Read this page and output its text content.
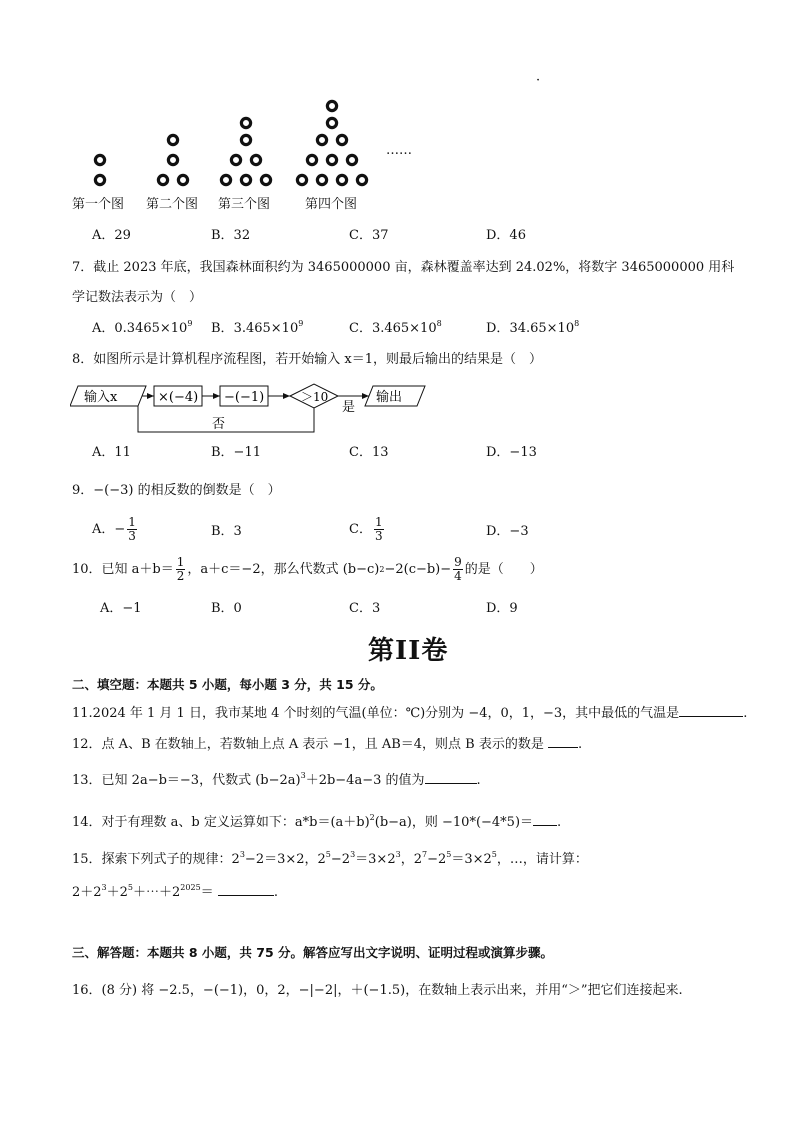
·
……
第一个图 第二个图 第三个图	第四个图
A．29	B．32	C．37	D．46
7．截止 2023 年底，我国森林面积约为 3465000000 亩，森林覆盖率达到 24.02%，将数字 3465000000 用科
学记数法表示为（　）
A．$0.3465\times 10^9$ B．$3.465\times 10^9$	C．$3.465\times 10^8$	D．$34.65\times 10^8$
8．如图所示是计算机程序流程图，若开始输入 x＝1，则最后输出的结果是（　）
输入x	×(−4) −(−1)	＞10
是
输出
否
A．11	B．−11	C．13	D．−13
9．−(−3) 的相反数的倒数是（　）
A．− $\frac{1}{3}$	B．3	C． $\frac{1}{3}$	D．−3
10．已知 $a+b= \frac{1}{2}$ ，a＋c＝−2，那么代数式 (b−c) $2 -2(c-b)- \frac{9}{4}$ 的是（　　）
A．−1	B．0	C．3	D．9
第II卷
二、填空题：本题共 5 小题，每小题 3 分，共 15 分。
11.2024 年 1 月 1 日，我市某地 4 个时刻的气温(单位：℃)分别为 −4，0，1，−3，其中最低的气温是	.
12．点 A、B 在数轴上，若数轴上点 A 表示 −1，且 AB＝4，则点 B 表示的数是	.
13．已知 2a−b＝−3，代数式 $(b-2a)^3+2b-4a-3$ 的值为	.
14．对于有理数 a、b 定义运算如下：$a*b=(a+b)^2(b-a)$，则 −10*(−4*5)＝ .
15．探索下列式子的规律：$2^3-2=3\times 2$，$2^5-2^3=3\times 2^3$，$2^7-2^5=3\times 2^5$，…，请计算：
$2+2^3+2^5+\cdots+2^{2025}=$	.
三、解答题：本题共 8 小题，共 75 分。解答应写出文字说明、证明过程或演算步骤。
16．(8 分) 将 −2.5，−(−1)，0，2，−|−2|，＋(−1.5)，在数轴上表示出来，并用“＞”把它们连接起来.
